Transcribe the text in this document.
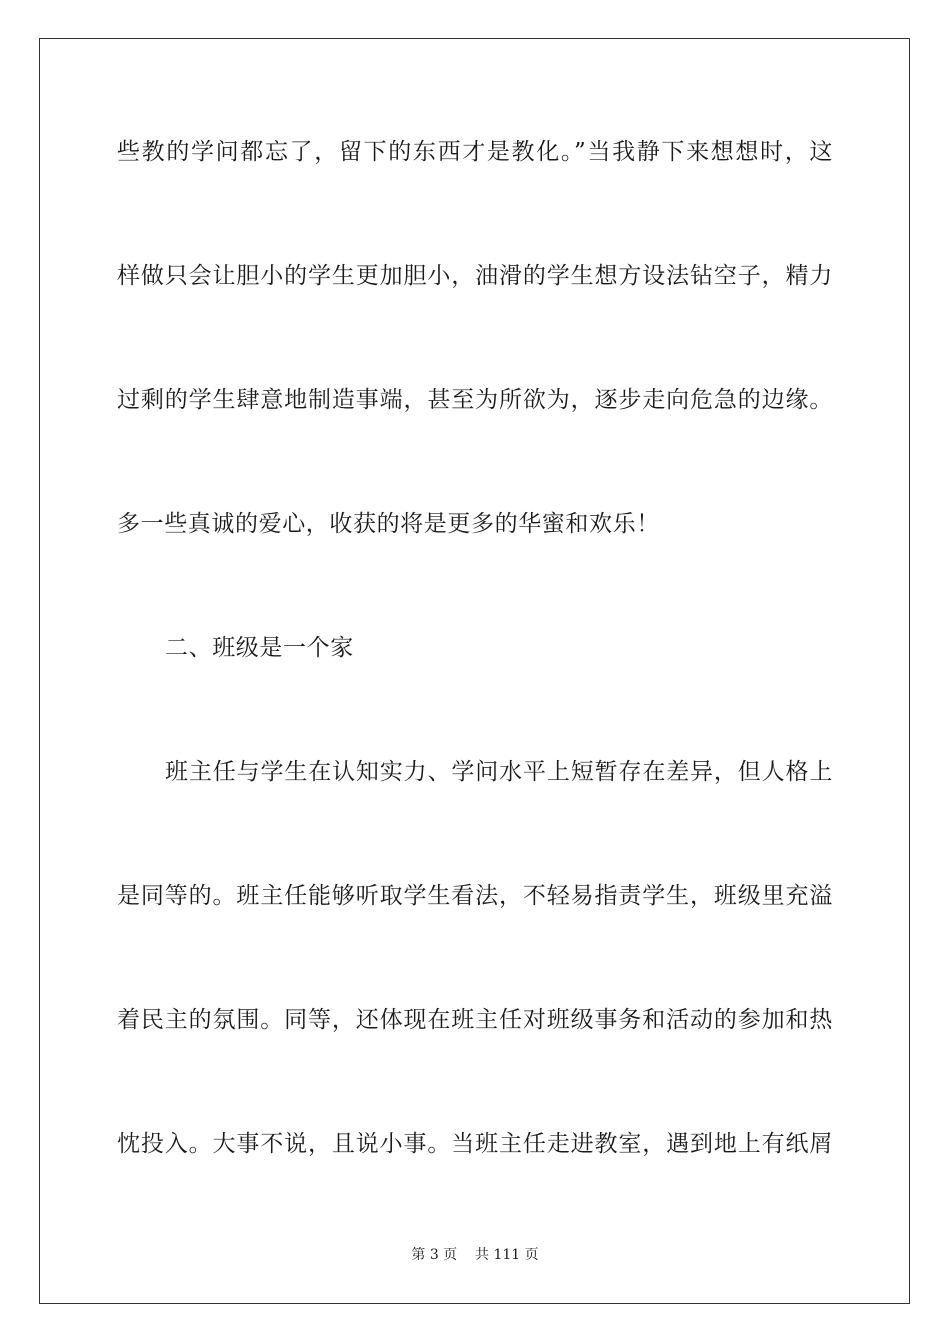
些教的学问都忘了，留下的东西才是教化。”当我静下来想想时，这
样做只会让胆小的学生更加胆小，油滑的学生想方设法钻空子，精力
过剩的学生肆意地制造事端，甚至为所欲为，逐步走向危急的边缘。
多一些真诚的爱心，收获的将是更多的华蜜和欢乐！
二、班级是一个家
班主任与学生在认知实力、学问水平上短暂存在差异，但人格上
是同等的。班主任能够听取学生看法，不轻易指责学生，班级里充溢
着民主的氛围。同等，还体现在班主任对班级事务和活动的参加和热
忱投入。大事不说，且说小事。当班主任走进教室，遇到地上有纸屑
第 3 页 共 111 页
